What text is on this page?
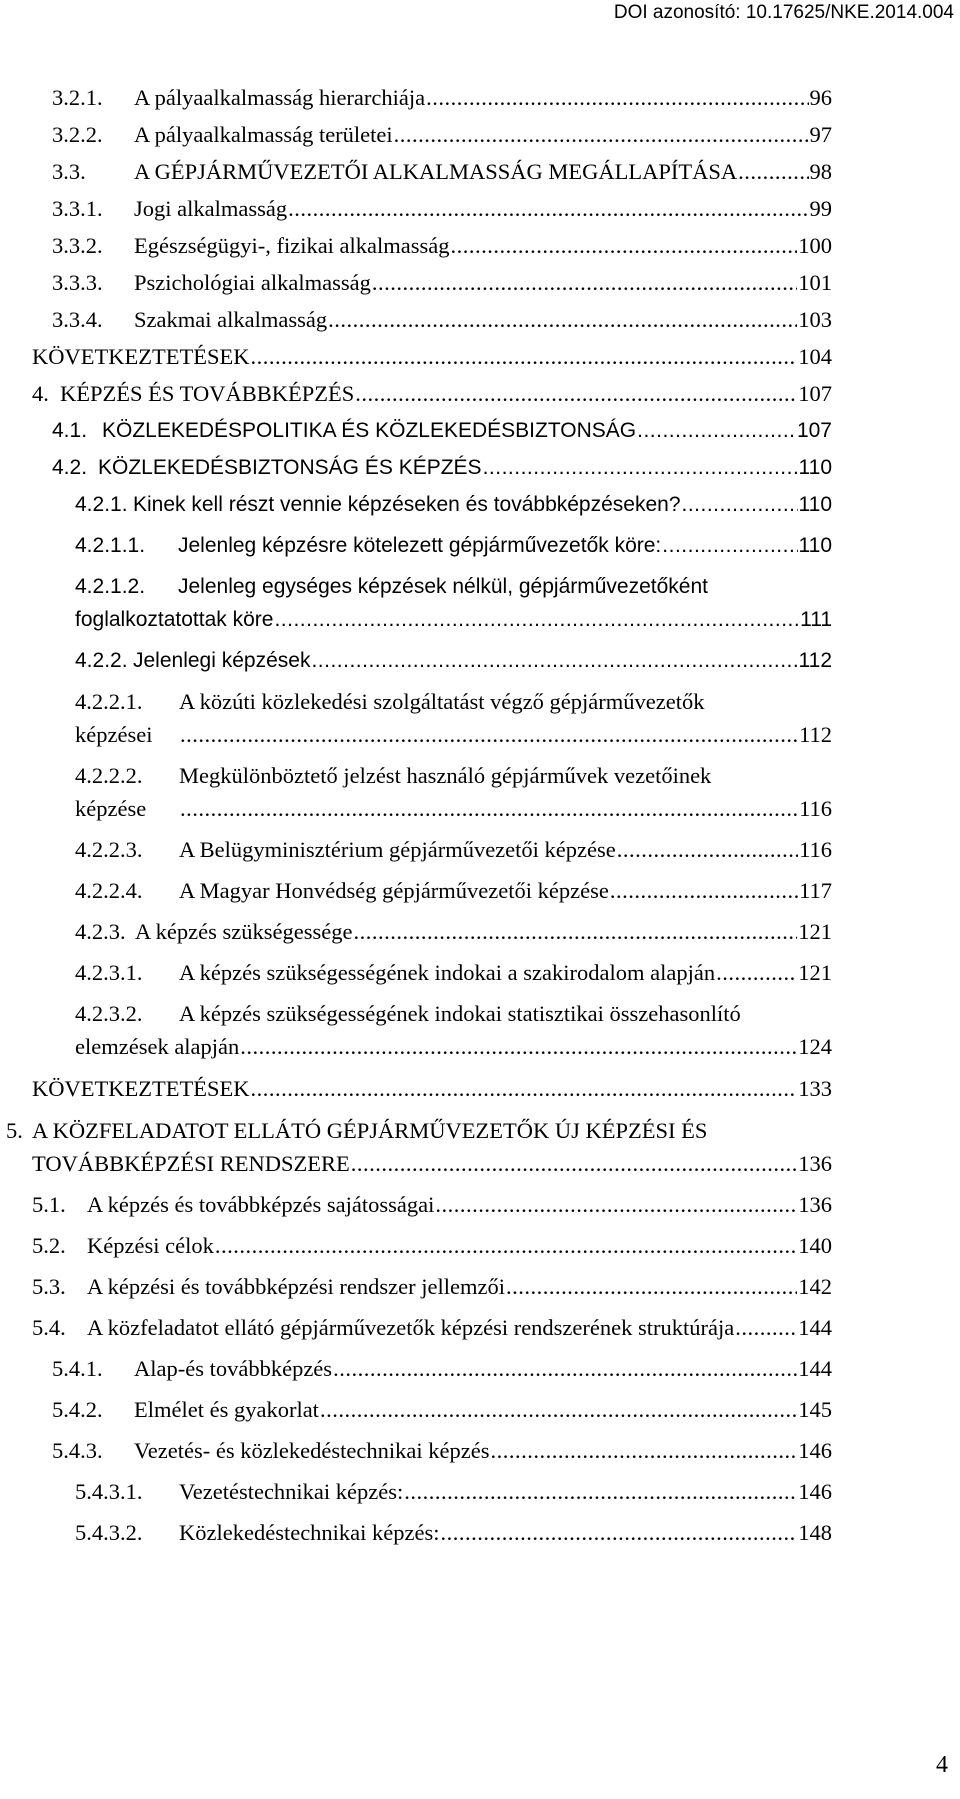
DOI azonosító: 10.17625/NKE.2014.004
3.2.1.	A pályaalkalmasság hierarchiája .....	96
3.2.2.	A pályaalkalmasság területei .....	97
3.3.	A GÉPJÁRMŰVEZETŐI ALKALMASSÁG MEGÁLLAPÍTÁSA .....	98
3.3.1.	Jogi alkalmasság .....	99
3.3.2.	Egészségügyi-, fizikai alkalmasság .....	100
3.3.3.	Pszichológiai alkalmasság .....	101
3.3.4.	Szakmai alkalmasság .....	103
KÖVETKEZTETÉSEK .....	104
4. KÉPZÉS ÉS TOVÁBBKÉPZÉS .....	107
4.1. KÖZLEKEDÉSPOLITIKA ÉS KÖZLEKEDÉSBIZTONSÁG .....	107
4.2. KÖZLEKEDÉSBIZTONSÁG ÉS KÉPZÉS .....	110
4.2.1. Kinek kell részt vennie képzéseken és továbbképzéseken? .....	110
4.2.1.1.	Jelenleg képzésre kötelezett gépjárművezetők köre: .....	110
4.2.1.2. Jelenleg egységes képzések nélkül, gépjárművezetőként
foglalkoztatottak köre .....	111
4.2.2. Jelenlegi képzések .....	112
4.2.2.1. A közúti közlekedési szolgáltatást végző gépjárművezetők
képzései .....	112
4.2.2.2. Megkülönböztető jelzést használó gépjárművek vezetőinek
képzése .....	116
4.2.2.3.	A Belügyminisztérium gépjárművezetői képzése .....	116
4.2.2.4.	A Magyar Honvédség gépjárművezetői képzése .....	117
4.2.3. A képzés szükségessége .....	121
4.2.3.1.	A képzés szükségességének indokai a szakirodalom alapján .....	121
4.2.3.2. A képzés szükségességének indokai statisztikai összehasonlító
elemzések alapján .....	124
KÖVETKEZTETÉSEK .....	133
5. A KÖZFELADATOT ELLÁTÓ GÉPJÁRMŰVEZETŐK ÚJ KÉPZÉSI ÉS
TOVÁBBKÉPZÉSI RENDSZERE .....	136
5.1. A képzés és továbbképzés sajátosságai .....	136
5.2. Képzési célok .....	140
5.3. A képzési és továbbképzési rendszer jellemzői .....	142
5.4. A közfeladatot ellátó gépjárművezetők képzési rendszerének struktúrája .....	144
5.4.1.	Alap-és továbbképzés .....	144
5.4.2.	Elmélet és gyakorlat .....	145
5.4.3.	Vezetés- és közlekedéstechnikai képzés .....	146
5.4.3.1.	Vezetéstechnikai képzés: .....	146
5.4.3.2.	Közlekedéstechnikai képzés: .....	148
4
